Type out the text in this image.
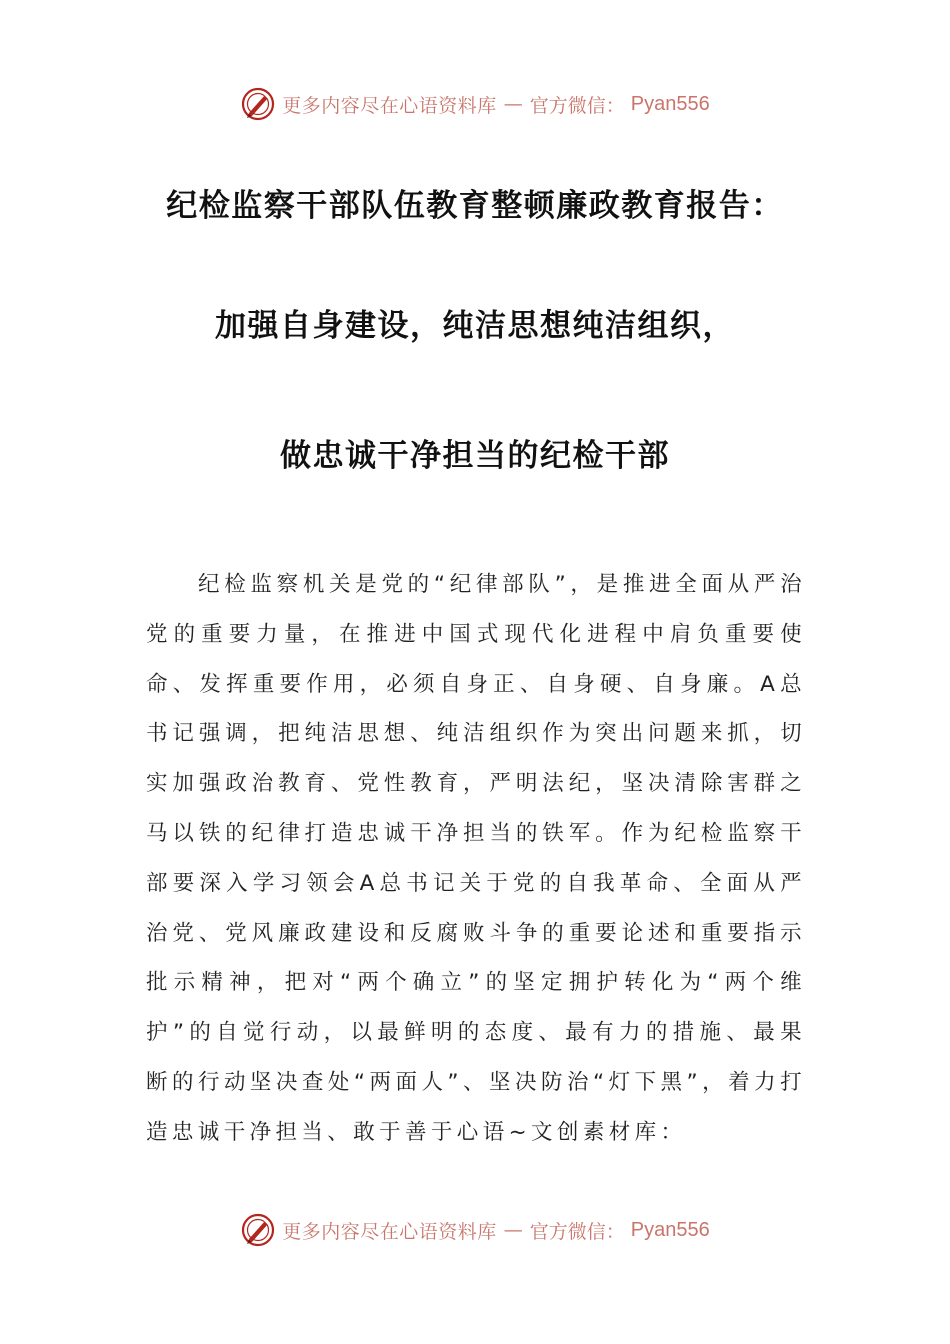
更多内容尽在心语资料库 — 官方微信： Pyan556
纪检监察干部队伍教育整顿廉政教育报告：
加强自身建设，纯洁思想纯洁组织，
做忠诚干净担当的纪检干部

纪检监察机关是党的“纪律部队”，是推进全面从严治党的重要力量，在推进中国式现代化进程中肩负重要使命、发挥重要作用，必须自身正、自身硬、自身廉。A总书记强调，把纯洁思想、纯洁组织作为突出问题来抓，切实加强政治教育、党性教育，严明法纪，坚决清除害群之马以铁的纪律打造忠诚干净担当的铁军。作为纪检监察干部要深入学习领会A总书记关于党的自我革命、全面从严治党、党风廉政建设和反腐败斗争的重要论述和重要指示批示精神，把对“两个确立”的坚定拥护转化为“两个维护”的自觉行动，以最鲜明的态度、最有力的措施、最果断的行动坚决查处“两面人”、坚决防治“灯下黑”，着力打造忠诚干净担当、敢于善于心语~文创素材库：

更多内容尽在心语资料库 — 官方微信： Pyan556
